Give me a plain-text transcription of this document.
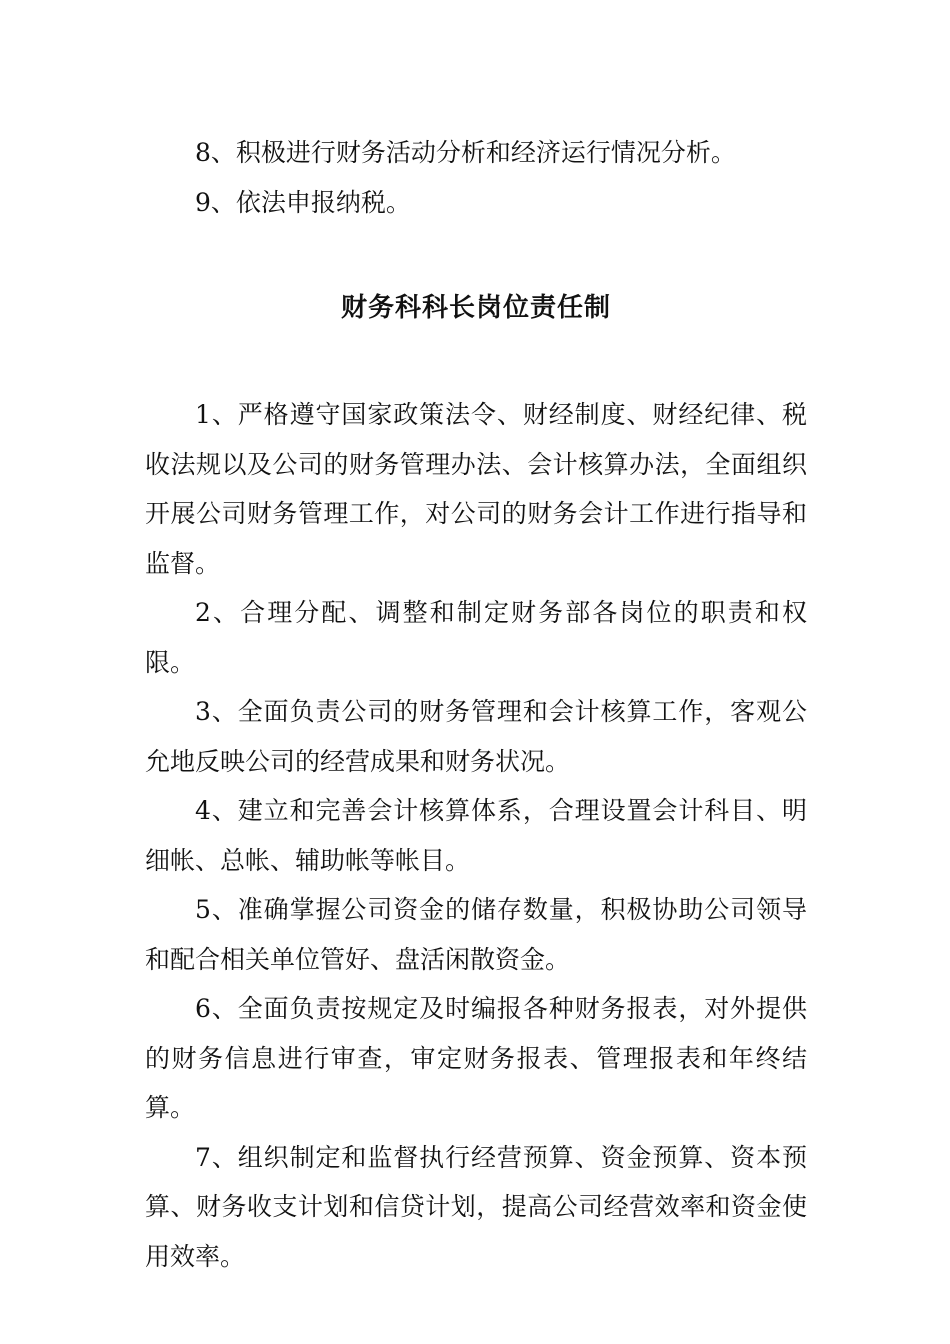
8、积极进行财务活动分析和经济运行情况分析。

9、依法申报纳税。

财务科科长岗位责任制

1、严格遵守国家政策法令、财经制度、财经纪律、税收法规以及公司的财务管理办法、会计核算办法，全面组织开展公司财务管理工作，对公司的财务会计工作进行指导和监督。

2、合理分配、调整和制定财务部各岗位的职责和权限。

3、全面负责公司的财务管理和会计核算工作，客观公允地反映公司的经营成果和财务状况。

4、建立和完善会计核算体系，合理设置会计科目、明细帐、总帐、辅助帐等帐目。

5、准确掌握公司资金的储存数量，积极协助公司领导和配合相关单位管好、盘活闲散资金。

6、全面负责按规定及时编报各种财务报表，对外提供的财务信息进行审查，审定财务报表、管理报表和年终结算。

7、组织制定和监督执行经营预算、资金预算、资本预算、财务收支计划和信贷计划，提高公司经营效率和资金使用效率。
